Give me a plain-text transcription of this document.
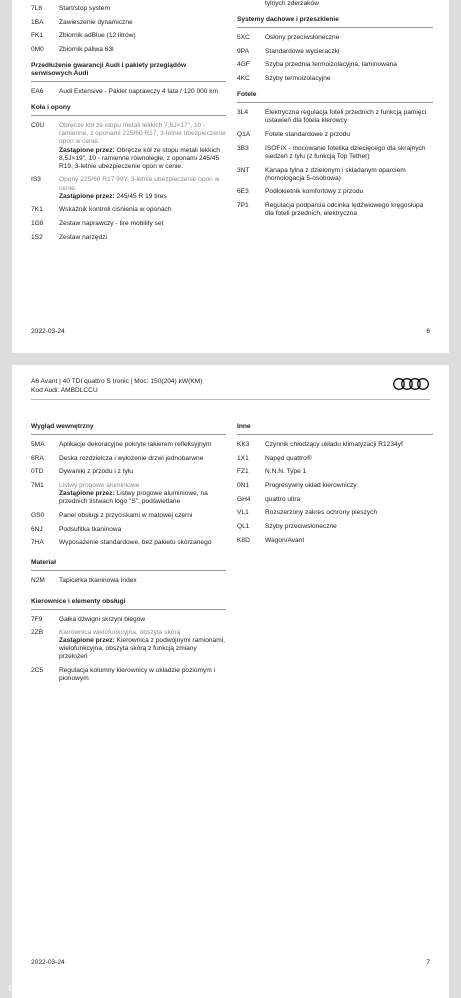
7L8	Start/stop system
1BA	Zawieszenie dynamiczne
FK1	Zbiornik adBlue (12 litrów)
0M0	Zbiornik paliwa 63l
Przedłużenie gwarancji Audi i pakiety przeglądów serwisowych Audi
EA6	Audi Extensive - Pakiet naprawczy 4 lata / 120 000 km
Koła i opony
C0U	Obręcze kół ze stopu metali lekkich 7,5J×17", 10 - ramienne, z oponami 225/60 R17, 3-letnie ubezpieczenie opon w cenie.
Zastąpione przez: Obręcze kół ze stopu metali lekkich 8,5J×19", 10 - ramienne równoległe, z oponami 245/45 R19, 3-letnie ubezpieczenie opon w cenie.
IS3	Opony 225/60 R17 99Y, 3-letnie ubezpieczenie opon w cenie.
Zastąpione przez: 245/45 R 19 tires
7K1	Wskaźnik kontroli ciśnienia w oponach
1G8	Zestaw naprawczy - tire mobility set
1S2	Zestaw narzędzi
tylnych zderzaków
Systemy dachowe i przeszklenie
5XC	Osłony przeciwsłoneczne
9PA	Standardowe wycieraczki
4GF	Szyba przednia termoizolacyjna, laminowana
4KC	Szyby termoizolacyjne
Fotele
3L4	Elektryczna regulacja foteli przednich z funkcją pamięci ustawień dla fotela kierowcy
Q1A	Fotele standardowe z przodu
3B3	ISOFIX - mocowanie fotelika dziecięcego dla skrajnych siedzeń z tyłu (z funkcją Top Tether)
3NT	Kanapa tylna z dzielonym i składanym oparciem (homologacja 5-osobowa)
6E3	Podłokietnik komfortowy z przodu
7P1	Regulacja podparcia odcinka lędźwiowego kręgosłupa dla foteli przednich, elektryczna
2022-03-24	6
A6 Avant | 40 TDI quattro S tronic | Moc: 150(204) kW(KM)
Kod Audi: AMBDLCCU
Wygląd wewnętrzny
5MA	Aplikacje dekoracyjne pokryte lakierem refleksyjnym
6RA	Deska rozdzielcza i wyłożenie drzwi jednobarwne
0TD	Dywaniki z przodu i z tyłu
7M1	Listwy progowe aluminiowe
Zastąpione przez: Listwy progowe aluminiowe, na przednich listwach logo "S", podświetlane
GS0	Panel obsługi z przyciskami w matowej czerni
6NJ	Podsufitka tkaninowa
7HA	Wyposażenie standardowe, bez pakietu skórzanego
Materiał
N2M	Tapicerka tkaninowa Index
Kierownice i elementy obsługi
7F9	Gałka dźwigni skrzyni biegów
2ZB	Kierownica wielofunkcyjna, obszyta skórą
Zastąpione przez: Kierownica z podwójnymi ramionami, wielofunkcyjna, obszyta skórą z funkcją zmiany przełożeń
2C5	Regulacja kolumny kierownicy w układzie poziomym i pionowym
Inne
KK3	Czynnik chłodzący układu klimatyzacji R1234yf
1X1	Napęd quattro®
FZ1	N.N.N. Type 1
0N1	Progresywny układ kierowniczy
GH4	quattro ultra
VL1	Rozszerzony zakres ochrony pieszych
QL1	Szyby przeciwsłoneczne
K8D	Wagon/Avant
2022-03-24	7
otomoto
